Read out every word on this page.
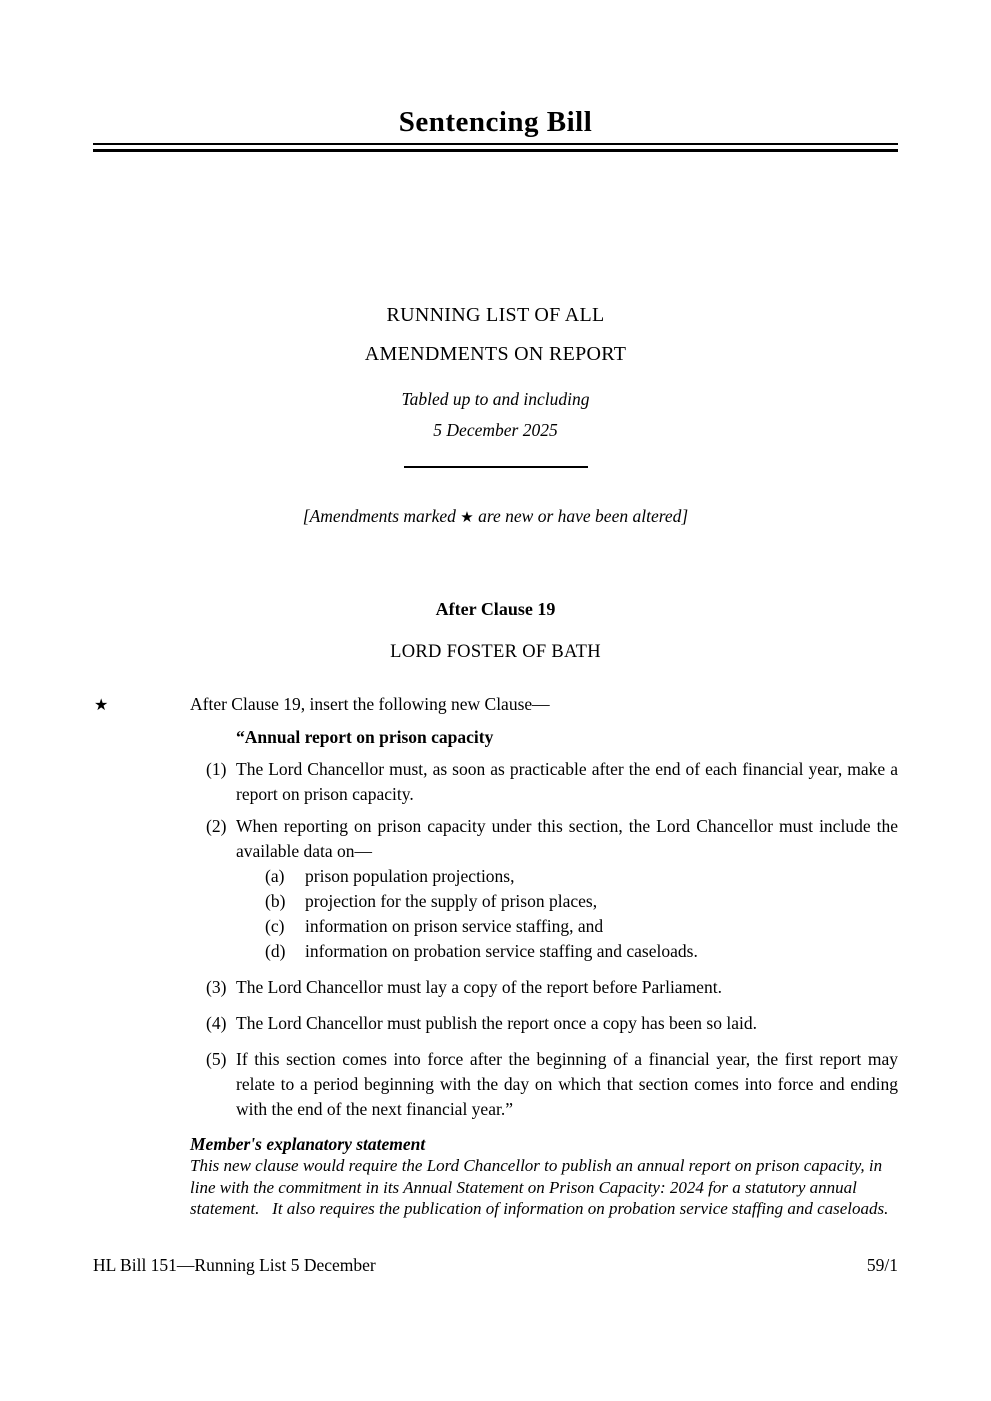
Sentencing Bill
RUNNING LIST OF ALL
AMENDMENTS ON REPORT
Tabled up to and including
5 December 2025
[Amendments marked ★ are new or have been altered]
After Clause 19
LORD FOSTER OF BATH
★	After Clause 19, insert the following new Clause—
“Annual report on prison capacity
(1) The Lord Chancellor must, as soon as practicable after the end of each financial year, make a report on prison capacity.
(2) When reporting on prison capacity under this section, the Lord Chancellor must include the available data on—
(a) prison population projections,
(b) projection for the supply of prison places,
(c) information on prison service staffing, and
(d) information on probation service staffing and caseloads.
(3) The Lord Chancellor must lay a copy of the report before Parliament.
(4) The Lord Chancellor must publish the report once a copy has been so laid.
(5) If this section comes into force after the beginning of a financial year, the first report may relate to a period beginning with the day on which that section comes into force and ending with the end of the next financial year.”
Member's explanatory statement
This new clause would require the Lord Chancellor to publish an annual report on prison capacity, in line with the commitment in its Annual Statement on Prison Capacity: 2024 for a statutory annual statement.   It also requires the publication of information on probation service staffing and caseloads.
HL Bill 151—Running List 5 December	59/1
